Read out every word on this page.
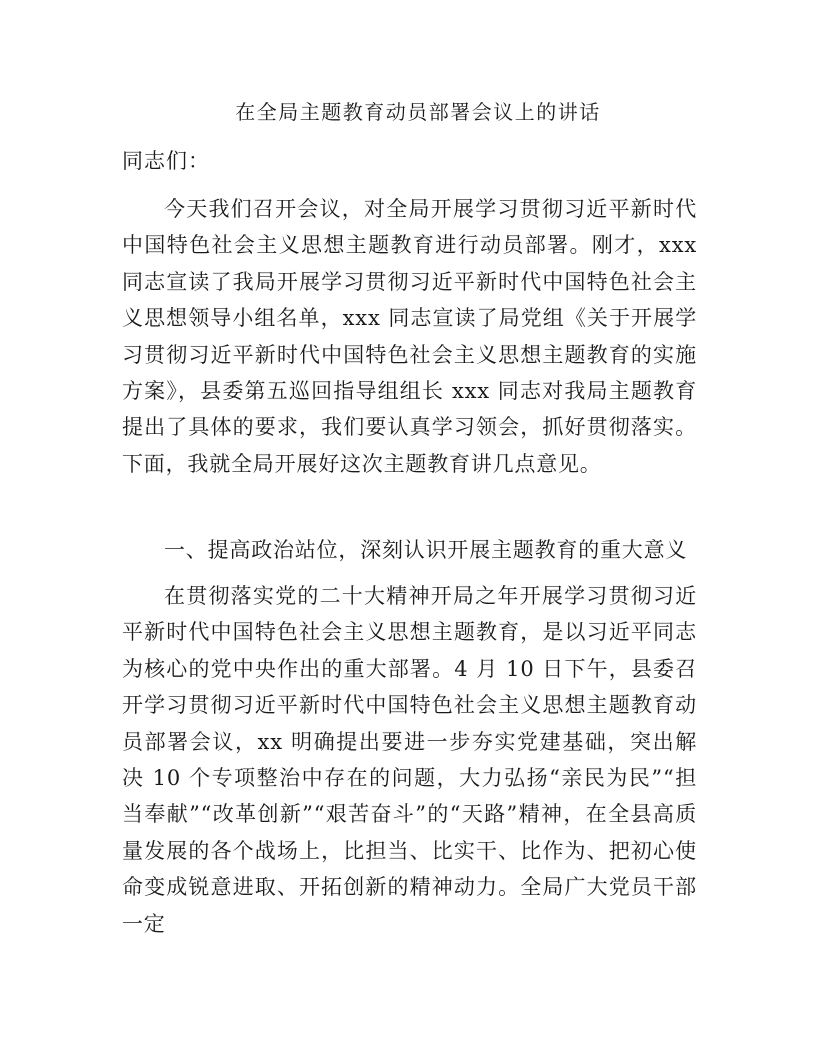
在全局主题教育动员部署会议上的讲话
同志们：

今天我们召开会议，对全局开展学习贯彻习近平新时代中国特色社会主义思想主题教育进行动员部署。刚才，xxx 同志宣读了我局开展学习贯彻习近平新时代中国特色社会主义思想领导小组名单，xxx 同志宣读了局党组《关于开展学习贯彻习近平新时代中国特色社会主义思想主题教育的实施方案》，县委第五巡回指导组组长 xxx 同志对我局主题教育提出了具体的要求，我们要认真学习领会，抓好贯彻落实。下面，我就全局开展好这次主题教育讲几点意见。

一、提高政治站位，深刻认识开展主题教育的重大意义

在贯彻落实党的二十大精神开局之年开展学习贯彻习近平新时代中国特色社会主义思想主题教育，是以习近平同志为核心的党中央作出的重大部署。4 月 10 日下午，县委召开学习贯彻习近平新时代中国特色社会主义思想主题教育动员部署会议，xx 明确提出要进一步夯实党建基础，突出解决 10 个专项整治中存在的问题，大力弘扬“亲民为民”“担当奉献”“改革创新”“艰苦奋斗”的“天路”精神，在全县高质量发展的各个战场上，比担当、比实干、比作为、把初心使命变成锐意进取、开拓创新的精神动力。全局广大党员干部一定
